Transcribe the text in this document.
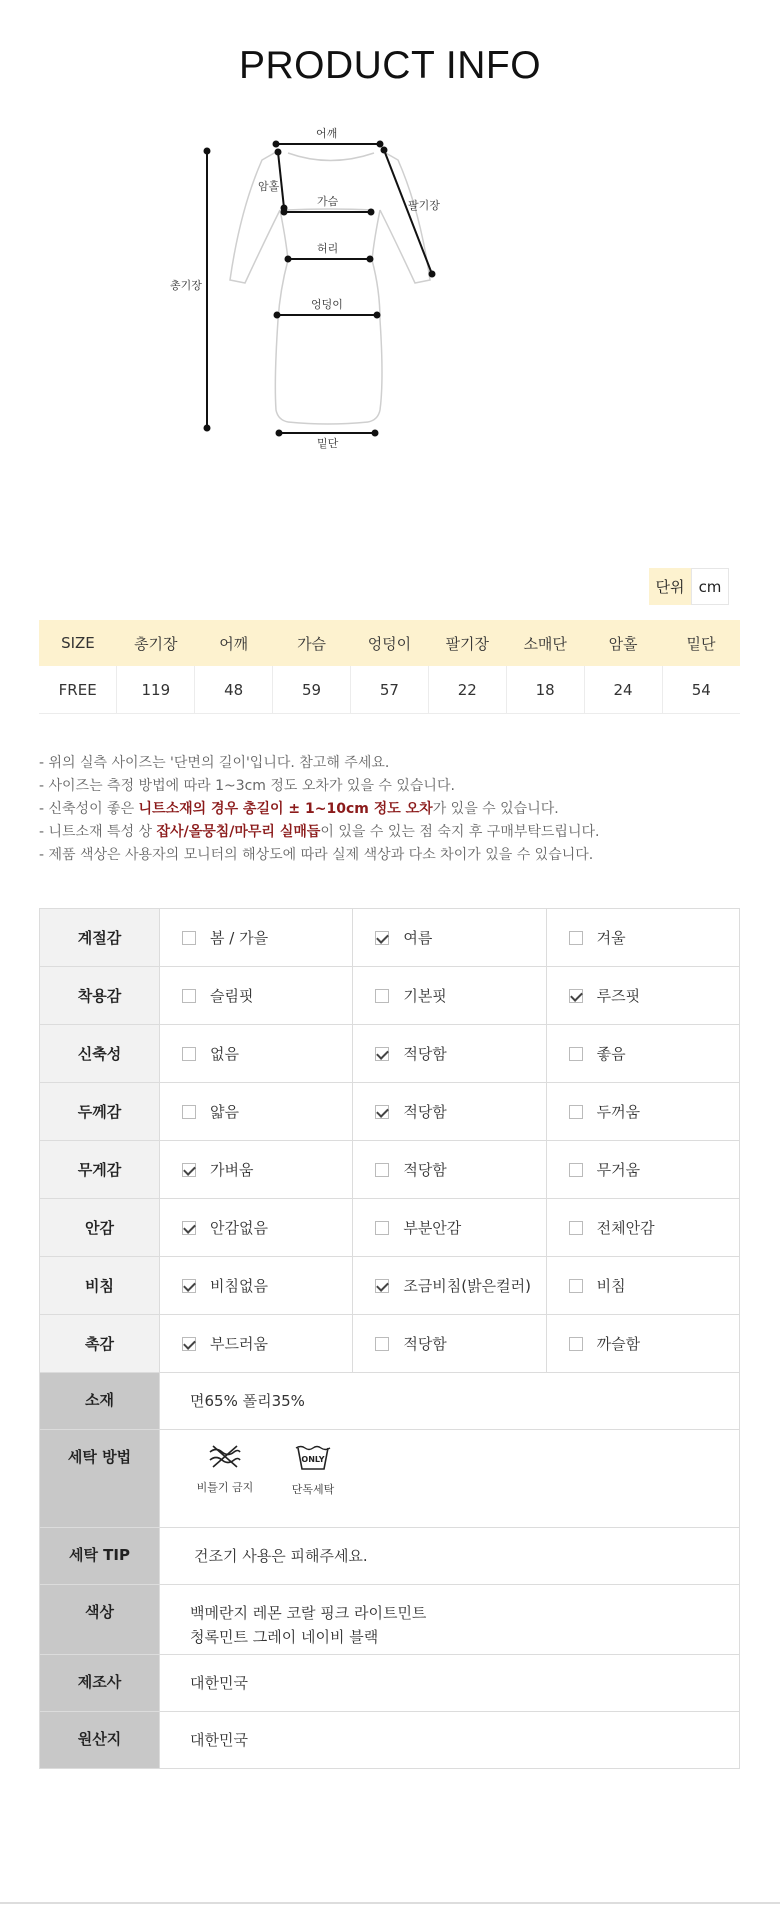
PRODUCT INFO
어깨
암홀
가슴	팔기장
허리
총기장
엉덩이
밑단
단위 cm
SIZE	총기장	어깨	가슴	엉덩이	팔기장	소매단	암홀	밑단
FREE	119	48	59	57	22	18	24	54
- 위의 실측 사이즈는 '단면의 길이'입니다. 참고해 주세요.
- 사이즈는 측정 방법에 따라 1~3cm 정도 오차가 있을 수 있습니다.
- 신축성이 좋은 니트소재의 경우 총길이 ± 1~10cm 정도 오차가 있을 수 있습니다.
- 니트소재 특성 상 잡사/올뭉침/마무리 실매듭이 있을 수 있는 점 숙지 후 구매부탁드립니다.
- 제품 색상은 사용자의 모니터의 해상도에 따라 실제 색상과 다소 차이가 있을 수 있습니다.
계절감	봄 / 가을	여름	겨울
착용감	슬림핏	기본핏	루즈핏
신축성	없음	적당함	좋음
두께감	얇음	적당함	두꺼움
무게감	가벼움	적당함	무거움
안감	안감없음	부분안감	전체안감
비침	비침없음	조금비침(밝은컬러)	비침
촉감	부드러움	적당함	까슬함
소재	면65% 폴리35%		
세탁 방법	비틀기 금지
ONLY
단독세탁		

세탁 TIP	건조기 사용은 피해주세요.		
색상	백메란지 레몬 코랄 핑크 라이트민트
청록민트 그레이 네이비 블랙		

제조사	대한민국		
원산지	대한민국		
